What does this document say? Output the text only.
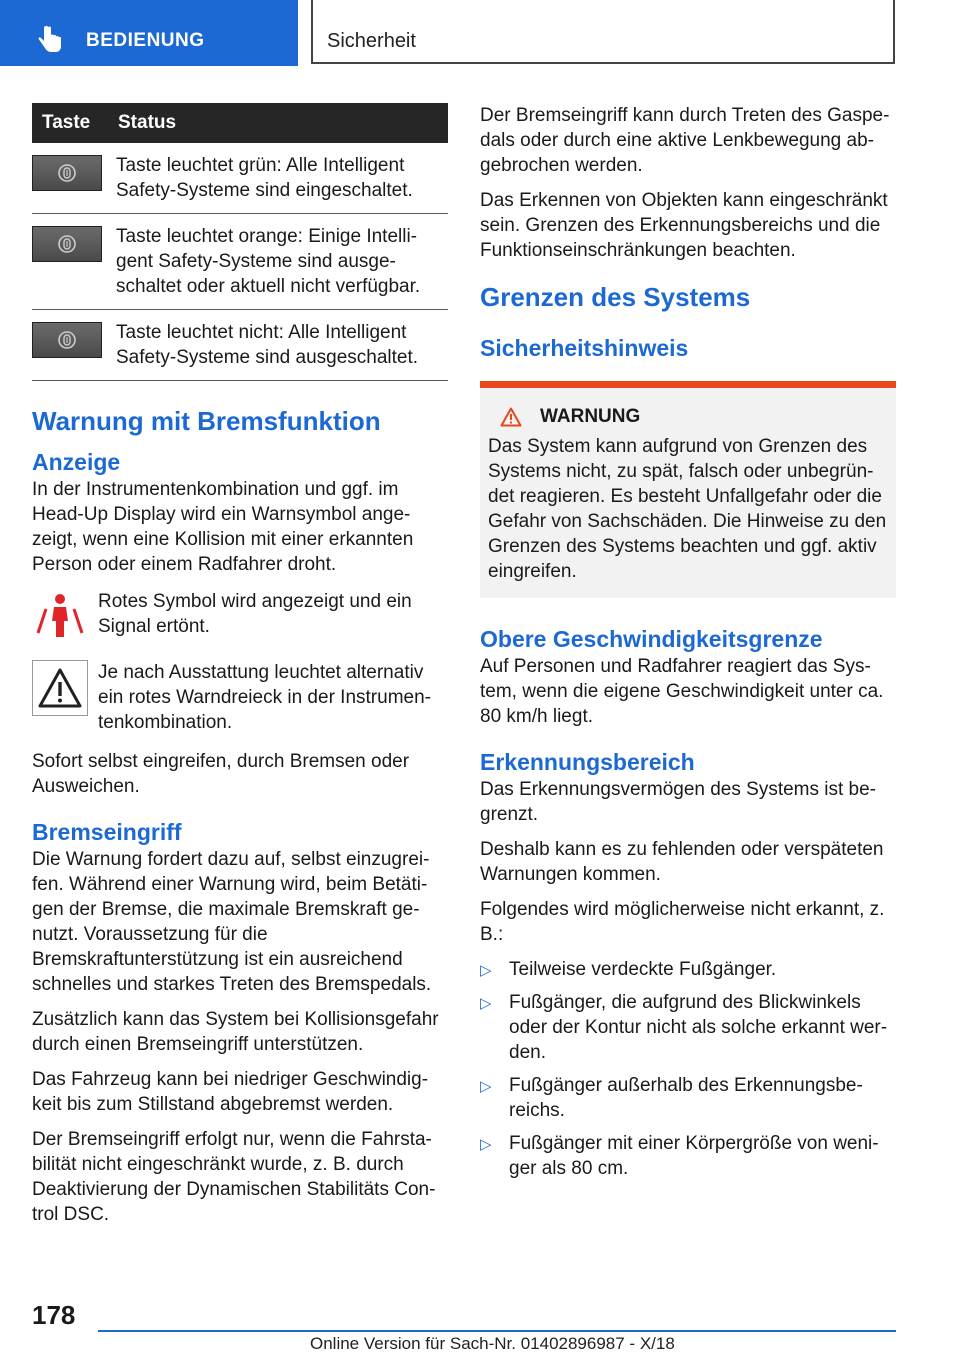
BEDIENUNG	Sicherheit
Taste	Status

	Taste leuchtet grün: Alle Intelligent Safety-Systeme sind eingeschaltet.

	Taste leuchtet orange: Einige Intelli-gent Safety-Systeme sind ausge-schaltet oder aktuell nicht verfügbar.

	Taste leuchtet nicht: Alle Intelligent Safety-Systeme sind ausgeschaltet.
Warnung mit Bremsfunktion
Anzeige

In der Instrumentenkombination und ggf. im Head-Up Display wird ein Warnsymbol ange-zeigt, wenn eine Kollision mit einer erkannten Person oder einem Radfahrer droht.

Rotes Symbol wird angezeigt und ein Signal ertönt.

Je nach Ausstattung leuchtet alternativ ein rotes Warndreieck in der Instrumen-tenkombination.

Sofort selbst eingreifen, durch Bremsen oder Ausweichen.

Bremseingriff

Die Warnung fordert dazu auf, selbst einzugrei-fen. Während einer Warnung wird, beim Betäti-gen der Bremse, die maximale Bremskraft ge-nutzt. Voraussetzung für die Bremskraftunterstützung ist ein ausreichend schnelles und starkes Treten des Bremspedals.

Zusätzlich kann das System bei Kollisionsgefahr durch einen Bremseingriff unterstützen.

Das Fahrzeug kann bei niedriger Geschwindig-keit bis zum Stillstand abgebremst werden.

Der Bremseingriff erfolgt nur, wenn die Fahrsta-bilität nicht eingeschränkt wurde, z. B. durch Deaktivierung der Dynamischen Stabilitäts Con-trol DSC.

Der Bremseingriff kann durch Treten des Gaspe-dals oder durch eine aktive Lenkbewegung ab-gebrochen werden.

Das Erkennen von Objekten kann eingeschränkt sein. Grenzen des Erkennungsbereichs und die Funktionseinschränkungen beachten.

Grenzen des Systems
Sicherheitshinweis
WARNUNG

Das System kann aufgrund von Grenzen des Systems nicht, zu spät, falsch oder unbegrün-det reagieren. Es besteht Unfallgefahr oder die Gefahr von Sachschäden. Die Hinweise zu den Grenzen des Systems beachten und ggf. aktiv eingreifen.

Obere Geschwindigkeitsgrenze

Auf Personen und Radfahrer reagiert das Sys-tem, wenn die eigene Geschwindigkeit unter ca. 80 km/h liegt.

Erkennungsbereich

Das Erkennungsvermögen des Systems ist be-grenzt.

Deshalb kann es zu fehlenden oder verspäteten Warnungen kommen.

Folgendes wird möglicherweise nicht erkannt, z. B.:

▷ Teilweise verdeckte Fußgänger.
▷ Fußgänger, die aufgrund des Blickwinkels oder der Kontur nicht als solche erkannt wer-den.
▷ Fußgänger außerhalb des Erkennungsbe-reichs.
▷ Fußgänger mit einer Körpergröße von weni-ger als 80 cm.
178
Online Version für Sach-Nr. 01402896987 - X/18
